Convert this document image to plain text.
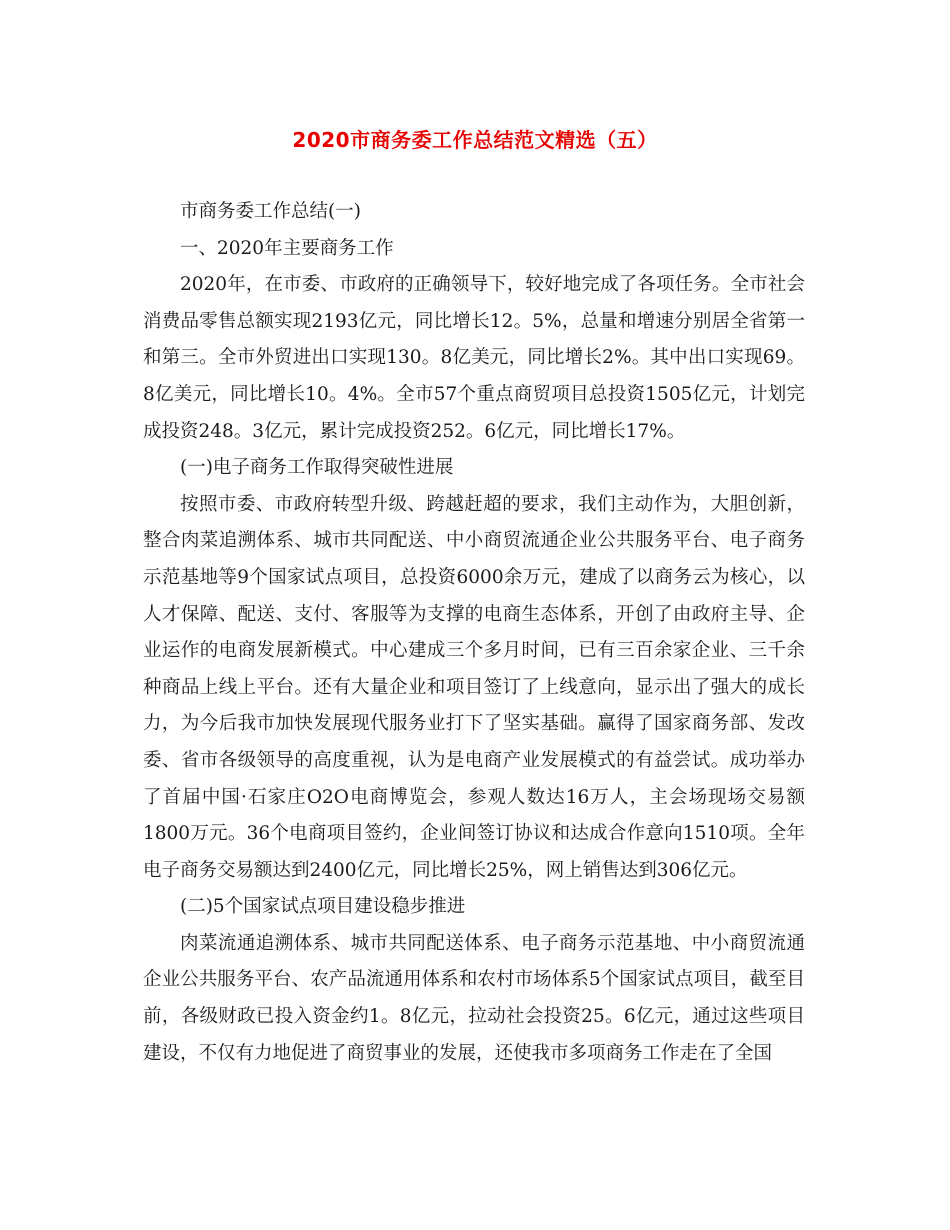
2020市商务委工作总结范文精选（五）

市商务委工作总结(一)

一、2020年主要商务工作

2020年，在市委、市政府的正确领导下，较好地完成了各项任务。全市社会消费品零售总额实现2193亿元，同比增长12。5%，总量和增速分别居全省第一和第三。全市外贸进出口实现130。8亿美元，同比增长2%。其中出口实现69。8亿美元，同比增长10。4%。全市57个重点商贸项目总投资1505亿元，计划完成投资248。3亿元，累计完成投资252。6亿元，同比增长17%。

(一)电子商务工作取得突破性进展

按照市委、市政府转型升级、跨越赶超的要求，我们主动作为，大胆创新，整合肉菜追溯体系、城市共同配送、中小商贸流通企业公共服务平台、电子商务示范基地等9个国家试点项目，总投资6000余万元，建成了以商务云为核心，以人才保障、配送、支付、客服等为支撑的电商生态体系，开创了由政府主导、企业运作的电商发展新模式。中心建成三个多月时间，已有三百余家企业、三千余种商品上线上平台。还有大量企业和项目签订了上线意向，显示出了强大的成长力，为今后我市加快发展现代服务业打下了坚实基础。赢得了国家商务部、发改委、省市各级领导的高度重视，认为是电商产业发展模式的有益尝试。成功举办了首届中国·石家庄O2O电商博览会，参观人数达16万人，主会场现场交易额1800万元。36个电商项目签约，企业间签订协议和达成合作意向1510项。全年电子商务交易额达到2400亿元，同比增长25%，网上销售达到306亿元。

(二)5个国家试点项目建设稳步推进

肉菜流通追溯体系、城市共同配送体系、电子商务示范基地、中小商贸流通企业公共服务平台、农产品流通用体系和农村市场体系5个国家试点项目，截至目前，各级财政已投入资金约1。8亿元，拉动社会投资25。6亿元，通过这些项目建设，不仅有力地促进了商贸事业的发展，还使我市多项商务工作走在了全国
